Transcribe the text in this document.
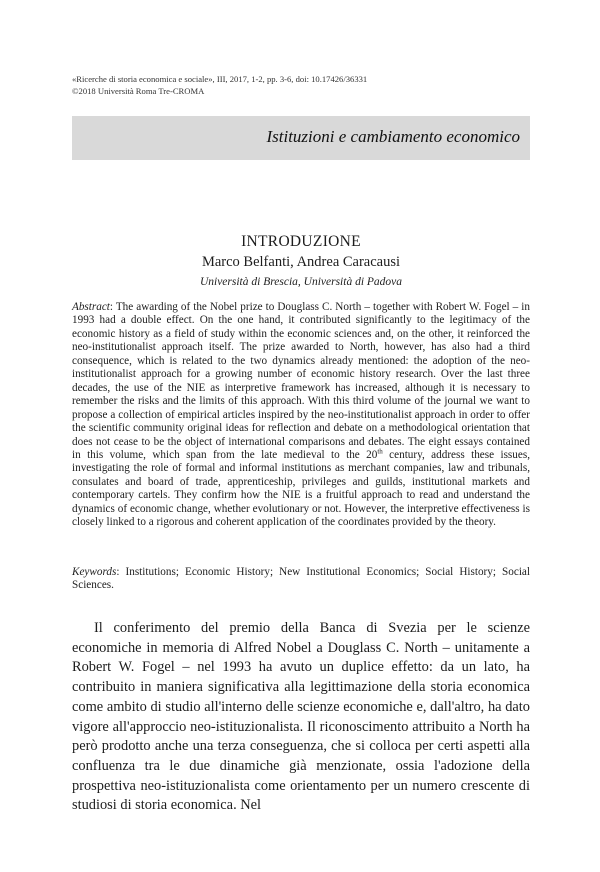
«Ricerche di storia economica e sociale», III, 2017, 1-2, pp. 3-6, doi: 10.17426/36331
©2018 Università Roma Tre-CROMA
Istituzioni e cambiamento economico
INTRODUZIONE
Marco Belfanti, Andrea Caracausi
Università di Brescia, Università di Padova

Abstract: The awarding of the Nobel prize to Douglass C. North – together with Robert W. Fogel – in 1993 had a double effect. On the one hand, it contributed significantly to the legitimacy of the economic history as a field of study within the economic sciences and, on the other, it reinforced the neo-institutionalist approach itself. The prize awarded to North, however, has also had a third consequence, which is related to the two dynamics already mentioned: the adoption of the neo-institutionalist approach for a growing number of economic history research. Over the last three decades, the use of the NIE as interpretive framework has increased, although it is necessary to remember the risks and the limits of this approach. With this third volume of the journal we want to propose a collection of empirical articles inspired by the neo-institutionalist approach in order to offer the scientific community original ideas for reflection and debate on a methodological orientation that does not cease to be the object of international comparisons and debates. The eight essays contained in this volume, which span from the late medieval to the 20th century, address these issues, investigating the role of formal and informal institutions as merchant companies, law and tribunals, consulates and board of trade, apprenticeship, privileges and guilds, institutional markets and contemporary cartels. They confirm how the NIE is a fruitful approach to read and understand the dynamics of economic change, whether evolutionary or not. However, the interpretive effectiveness is closely linked to a rigorous and coherent application of the coordinates provided by the theory.

Keywords: Institutions; Economic History; New Institutional Economics; Social History; Social Sciences.

Il conferimento del premio della Banca di Svezia per le scienze economiche in memoria di Alfred Nobel a Douglass C. North – unitamente a Robert W. Fogel – nel 1993 ha avuto un duplice effetto: da un lato, ha contribuito in maniera significativa alla legittimazione della storia economica come ambito di studio all'interno delle scienze economiche e, dall'altro, ha dato vigore all'approccio neo-istituzionalista. Il riconoscimento attribuito a North ha però prodotto anche una terza conseguenza, che si colloca per certi aspetti alla confluenza tra le due dinamiche già menzionate, ossia l'adozione della prospettiva neo-istituzionalista come orientamento per un numero crescente di studiosi di storia economica. Nel
